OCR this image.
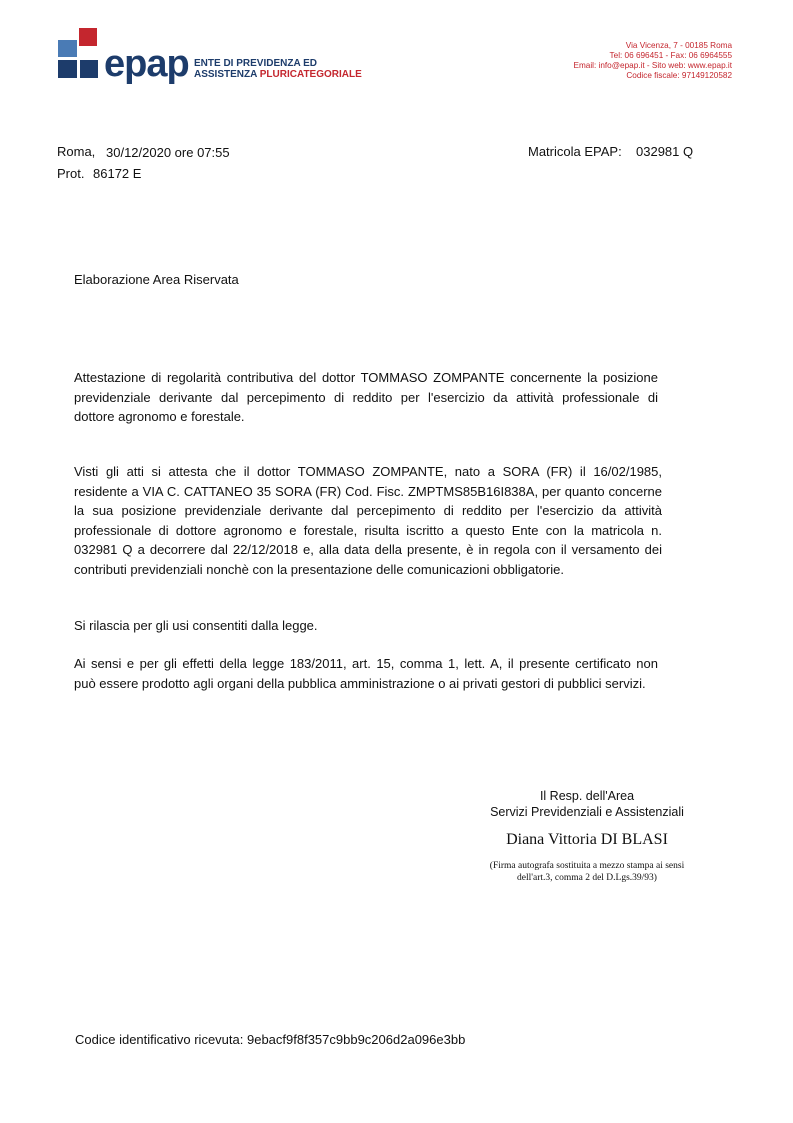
epap ENTE DI PREVIDENZA ED
ASSISTENZA PLURICATEGORIALE
Via Vicenza, 7 - 00185 Roma
Tel: 06 696451 - Fax: 06 6964555
Email: info@epap.it - Sito web: www.epap.it
Codice fiscale: 97149120582
Roma, 30/12/2020 ore 07:55
Prot. 86172 E
Matricola EPAP: 032981 Q
Elaborazione Area Riservata
Attestazione di regolarità contributiva del dottor TOMMASO ZOMPANTE concernente la posizione
previdenziale derivante dal percepimento di reddito per l'esercizio da attività professionale di
dottore agronomo e forestale.
Visti gli atti si attesta che il dottor TOMMASO ZOMPANTE, nato a SORA (FR) il 16/02/1985,
residente a VIA C. CATTANEO 35 SORA (FR) Cod. Fisc. ZMPTMS85B16I838A, per quanto concerne
la sua posizione previdenziale derivante dal percepimento di reddito per l'esercizio da attività
professionale di dottore agronomo e forestale, risulta iscritto a questo Ente con la matricola n.
032981 Q a decorrere dal 22/12/2018 e, alla data della presente, è in regola con il versamento dei
contributi previdenziali nonchè con la presentazione delle comunicazioni obbligatorie.
Si rilascia per gli usi consentiti dalla legge.
Ai sensi e per gli effetti della legge 183/2011, art. 15, comma 1, lett. A, il presente certificato non
può essere prodotto agli organi della pubblica amministrazione o ai privati gestori di pubblici servizi.
Il Resp. dell'Area
Servizi Previdenziali e Assistenziali
Diana Vittoria DI BLASI
(Firma autografa sostituita a mezzo stampa ai sensi
dell'art.3, comma 2 del D.Lgs.39/93)
Codice identificativo ricevuta: 9ebacf9f8f357c9bb9c206d2a096e3bb
